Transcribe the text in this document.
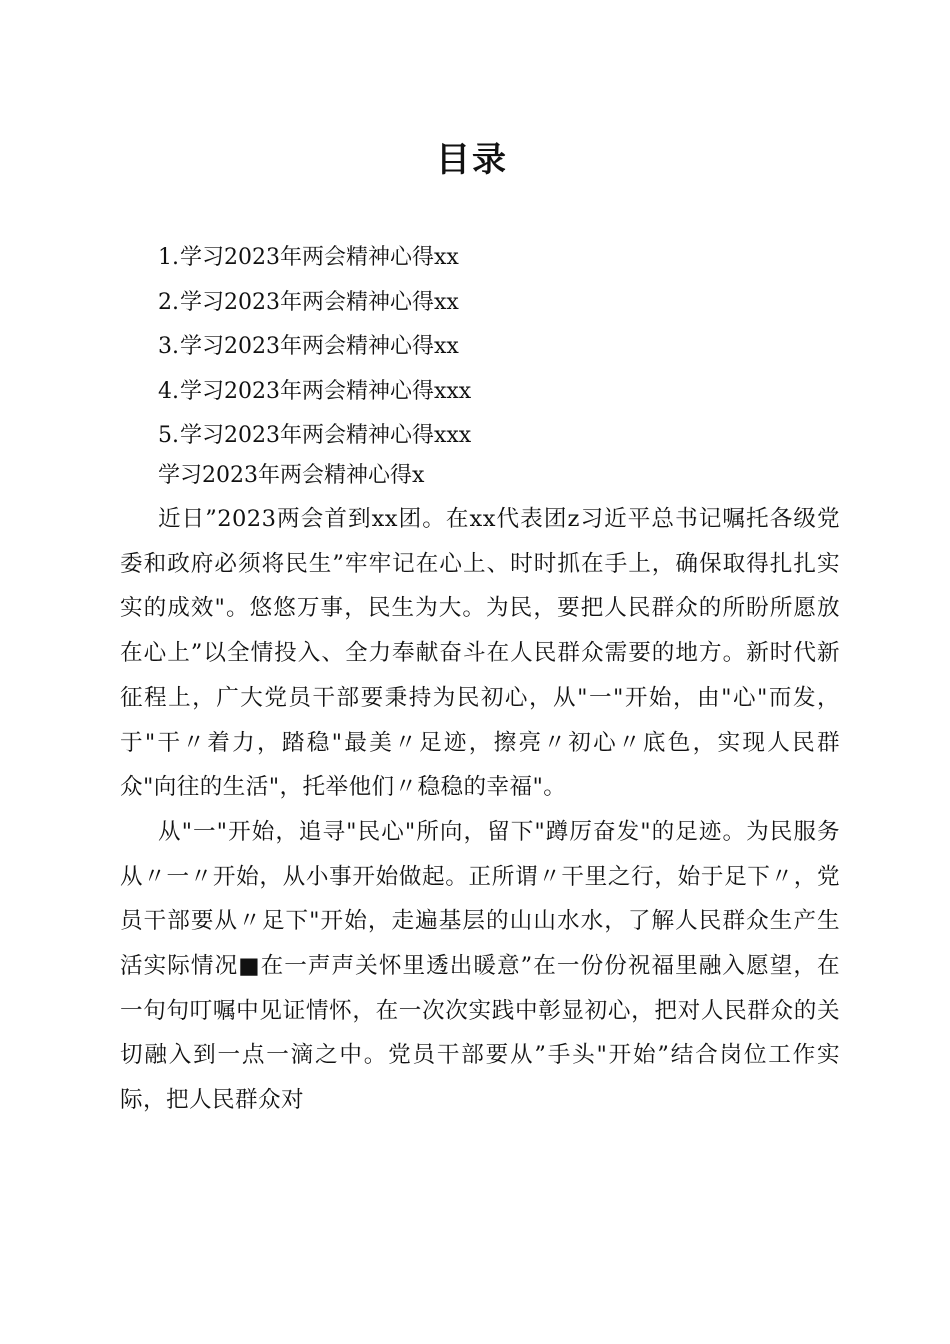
目录
1.学习2023年两会精神心得xx
2.学习2023年两会精神心得xx
3.学习2023年两会精神心得xx
4.学习2023年两会精神心得xxx
5.学习2023年两会精神心得xxx
学习2023年两会精神心得x

近日”2023两会首到xx团。在xx代表团z习近平总书记嘱托各级党委和政府必须将民生”牢牢记在心上、时时抓在手上，确保取得扎扎实实的成效"。悠悠万事，民生为大。为民，要把人民群众的所盼所愿放在心上”以全情投入、全力奉献奋斗在人民群众需要的地方。新时代新征程上，广大党员干部要秉持为民初心，从"一"开始，由"心"而发，于"干〃着力，踏稳"最美〃足迹，擦亮〃初心〃底色，实现人民群众"向往的生活"，托举他们〃稳稳的幸福"。

从"一"开始，追寻"民心"所向，留下"蹲厉奋发"的足迹。为民服务从〃一〃开始，从小事开始做起。正所谓〃干里之行，始于足下〃，党员干部要从〃足下"开始，走遍基层的山山水水，了解人民群众生产生活实际情况■在一声声关怀里透出暖意”在一份份祝福里融入愿望，在一句句叮嘱中见证情怀，在一次次实践中彰显初心，把对人民群众的关切融入到一点一滴之中。党员干部要从”手头"开始”结合岗位工作实际，把人民群众对
